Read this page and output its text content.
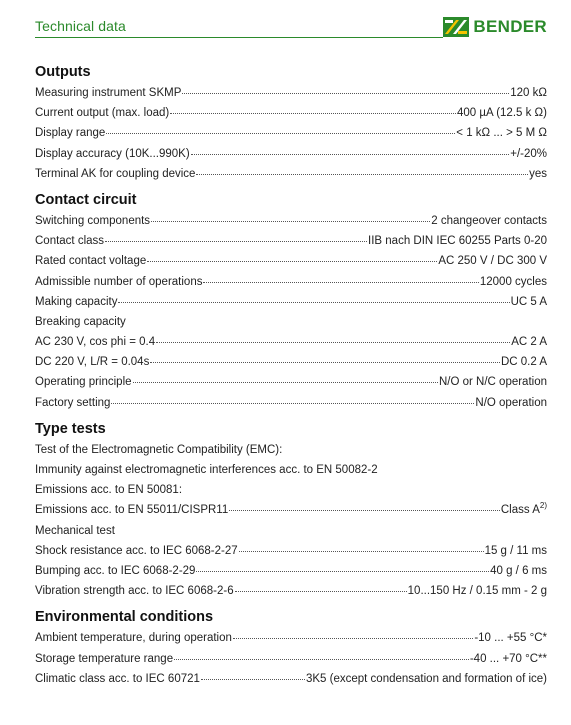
Technical data	BENDER
Outputs
Measuring instrument SKMP	120 kΩ
Current output (max. load)	400 µA (12.5 k Ω)
Display range	< 1 kΩ ... > 5 M Ω
Display accuracy (10K...990K)	+/-20%
Terminal AK for coupling device	yes
Contact circuit
Switching components	2 changeover contacts
Contact class	IIB nach DIN IEC 60255 Parts 0-20
Rated contact voltage	AC 250 V / DC 300 V
Admissible number of operations	12000 cycles
Making capacity	UC 5 A
Breaking capacity
AC 230 V, cos phi = 0.4	AC 2 A
DC 220 V, L/R = 0.04s	DC 0.2 A
Operating principle	N/O or N/C operation
Factory setting	N/O operation
Type tests
Test of the Electromagnetic Compatibility (EMC):
Immunity against electromagnetic interferences acc. to EN 50082-2
Emissions acc. to EN 50081:
Emissions acc. to EN 55011/CISPR11	Class $A^{2)}$
Mechanical test
Shock resistance acc. to IEC 6068-2-27	15 g / 11 ms
Bumping acc. to IEC 6068-2-29	40 g / 6 ms
Vibration strength acc. to IEC 6068-2-6	10...150 Hz / 0.15 mm - 2 g
Environmental conditions
Ambient temperature, during operation	-10 ... +55 °C*
Storage temperature range	-40 ... +70 °C**
Climatic class acc. to IEC 60721	3K5 (except condensation and formation of ice)
